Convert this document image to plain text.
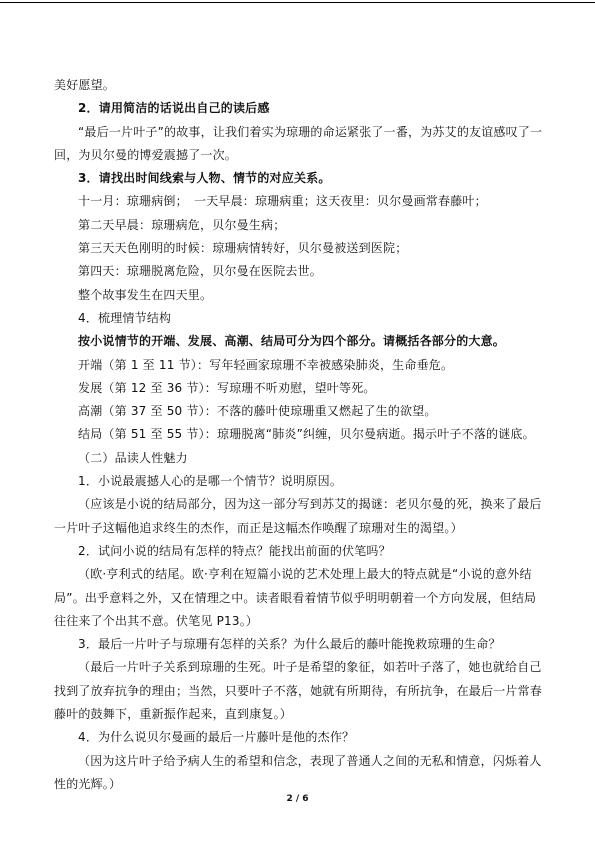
美好愿望。

2．请用简洁的话说出自己的读后感

“最后一片叶子”的故事，让我们着实为琼珊的命运紧张了一番，为苏艾的友谊感叹了一回，为贝尔曼的博爱震撼了一次。

3．请找出时间线索与人物、情节的对应关系。

十一月：琼珊病倒；　一天早晨：琼珊病重；这天夜里：贝尔曼画常春藤叶；

第二天早晨：琼珊病危，贝尔曼生病；

第三天天色刚明的时候：琼珊病情转好，贝尔曼被送到医院；

第四天：琼珊脱离危险，贝尔曼在医院去世。

整个故事发生在四天里。

4．梳理情节结构

按小说情节的开端、发展、高潮、结局可分为四个部分。请概括各部分的大意。

开端（第 1 至 11 节）：写年轻画家琼珊不幸被感染肺炎，生命垂危。

发展（第 12 至 36 节）：写琼珊不听劝慰，望叶等死。

高潮（第 37 至 50 节）：不落的藤叶使琼珊重又燃起了生的欲望。

结局（第 51 至 55 节）：琼珊脱离“肺炎”纠缠，贝尔曼病逝。揭示叶子不落的谜底。

（二）品读人性魅力

1．小说最震撼人心的是哪一个情节？说明原因。

（应该是小说的结局部分，因为这一部分写到苏艾的揭谜：老贝尔曼的死，换来了最后一片叶子这幅他追求终生的杰作，而正是这幅杰作唤醒了琼珊对生的渴望。）

2．试问小说的结局有怎样的特点？能找出前面的伏笔吗？

（欧·亨利式的结尾。欧·亨利在短篇小说的艺术处理上最大的特点就是“小说的意外结局”。出乎意料之外，又在情理之中。读者眼看着情节似乎明明朝着一个方向发展，但结局往往来了个出其不意。伏笔见 P13。）

3．最后一片叶子与琼珊有怎样的关系？为什么最后的藤叶能挽救琼珊的生命？

（最后一片叶子关系到琼珊的生死。叶子是希望的象征，如若叶子落了，她也就给自己找到了放弃抗争的理由；当然，只要叶子不落，她就有所期待，有所抗争，在最后一片常春藤叶的鼓舞下，重新振作起来，直到康复。）

4．为什么说贝尔曼画的最后一片藤叶是他的杰作？

（因为这片叶子给予病人生的希望和信念，表现了普通人之间的无私和情意，闪烁着人性的光辉。）

2 / 6
